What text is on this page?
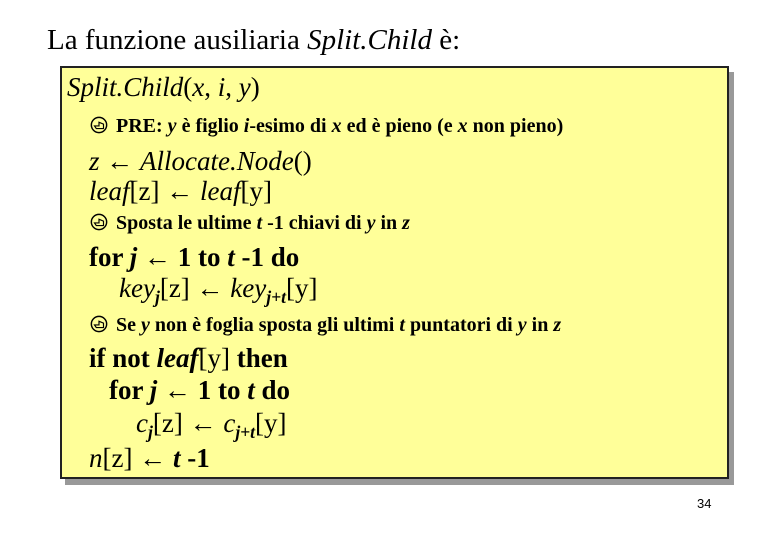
La funzione ausiliaria Split.Child è:
Split.Child(x, i, y)
PRE: y è figlio i-esimo di x ed è pieno (e x non pieno)
z ← Allocate.Node()
leaf[z] ← leaf[y]
Sposta le ultime t -1 chiavi di y in z
for j ← 1 to t -1 do
key$_j$[z] ← key$_{j+t}$[y]
Se y non è foglia sposta gli ultimi t puntatori di y in z
if not leaf[y] then
for j ← 1 to t do
$c_j[z]$ ← $c_{j+t}[y]$
n[z] ← t -1
34
